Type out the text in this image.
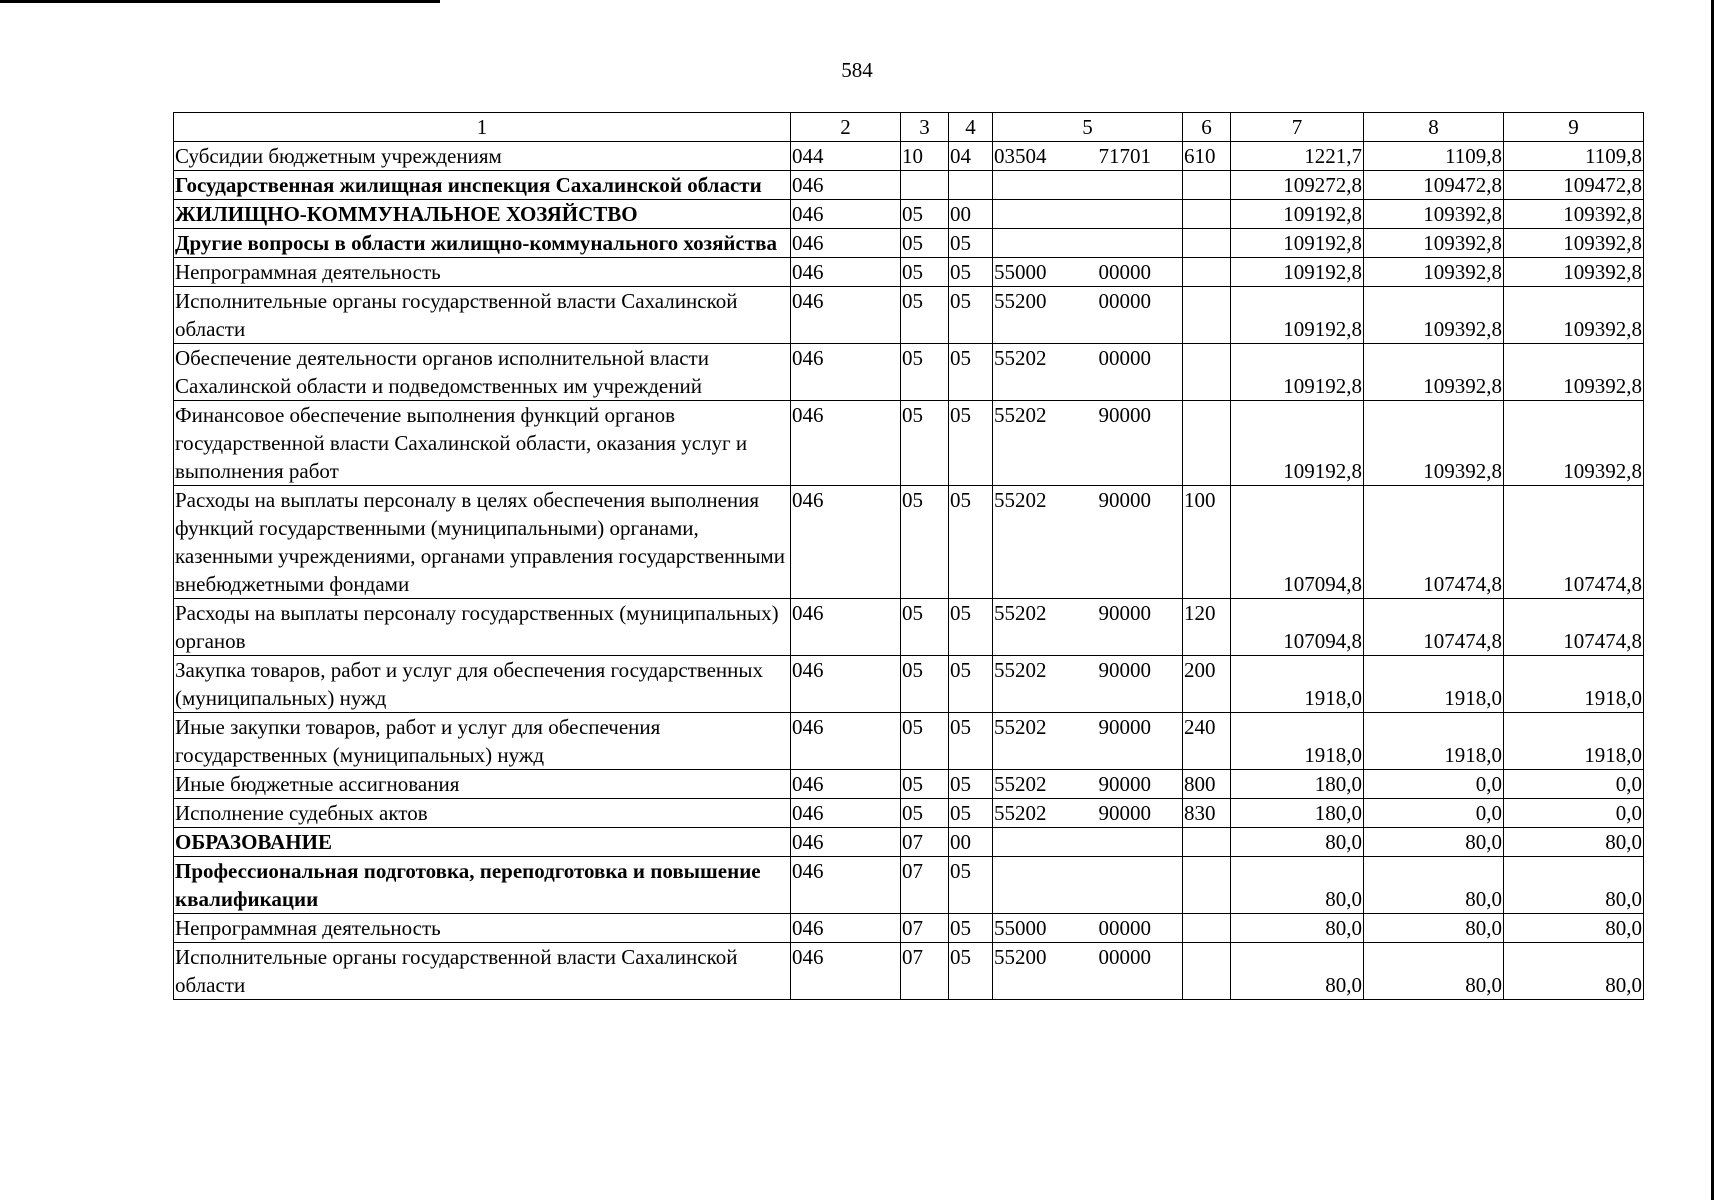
584
1	2	3	4	5	6	7	8	9
Субсидии бюджетным учреждениям	044	10	04	03504 71701	610	1221,7	1109,8	1109,8
Государственная жилищная инспекция Сахалинской области	046					109272,8	109472,8	109472,8
ЖИЛИЩНО-КОММУНАЛЬНОЕ ХОЗЯЙСТВО	046	05	00			109192,8	109392,8	109392,8
Другие вопросы в области жилищно-коммунального хозяйства	046	05	05			109192,8	109392,8	109392,8
Непрограммная деятельность	046	05	05	55000 00000		109192,8	109392,8	109392,8
Исполнительные органы государственной власти Сахалинской области	046	05	05	55200 00000		109192,8	109392,8	109392,8
Обеспечение деятельности органов исполнительной власти Сахалинской области и подведомственных им учреждений	046	05	05	55202 00000		109192,8	109392,8	109392,8
Финансовое обеспечение выполнения функций органов государственной власти Сахалинской области, оказания услуг и выполнения работ	046	05	05	55202 90000		109192,8	109392,8	109392,8
Расходы на выплаты персоналу в целях обеспечения выполнения функций государственными (муниципальными) органами, казенными учреждениями, органами управления государственными внебюджетными фондами	046	05	05	55202 90000	100	107094,8	107474,8	107474,8
Расходы на выплаты персоналу государственных (муниципальных) органов	046	05	05	55202 90000	120	107094,8	107474,8	107474,8
Закупка товаров, работ и услуг для обеспечения государственных (муниципальных) нужд	046	05	05	55202 90000	200	1918,0	1918,0	1918,0
Иные закупки товаров, работ и услуг для обеспечения государственных (муниципальных) нужд	046	05	05	55202 90000	240	1918,0	1918,0	1918,0
Иные бюджетные ассигнования	046	05	05	55202 90000	800	180,0	0,0	0,0
Исполнение судебных актов	046	05	05	55202 90000	830	180,0	0,0	0,0
ОБРАЗОВАНИЕ	046	07	00			80,0	80,0	80,0
Профессиональная подготовка, переподготовка и повышение квалификации	046	07	05			80,0	80,0	80,0
Непрограммная деятельность	046	07	05	55000 00000		80,0	80,0	80,0
Исполнительные органы государственной власти Сахалинской области	046	07	05	55200 00000		80,0	80,0	80,0
